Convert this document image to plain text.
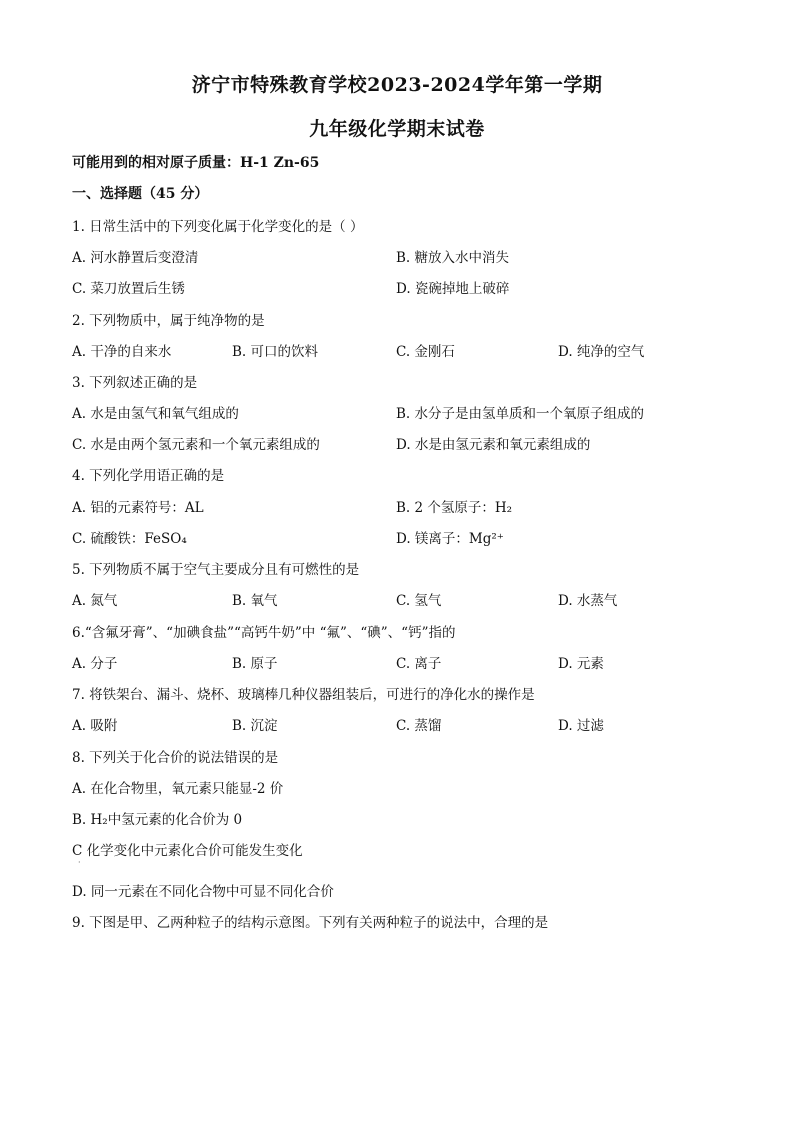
济宁市特殊教育学校2023-2024学年第一学期
九年级化学期末试卷
可能用到的相对原子质量：H-1 Zn-65
一、选择题（45 分）
1. 日常生活中的下列变化属于化学变化的是（ ）
A. 河水静置后变澄清	B. 糖放入水中消失
C. 菜刀放置后生锈	D. 瓷碗掉地上破碎
2. 下列物质中，属于纯净物的是
A. 干净的自来水	B. 可口的饮料	C. 金刚石	D. 纯净的空气
3. 下列叙述正确的是
A. 水是由氢气和氧气组成的	B. 水分子是由氢单质和一个氧原子组成的
C. 水是由两个氢元素和一个氧元素组成的	D. 水是由氢元素和氧元素组成的
4. 下列化学用语正确的是
A. 铝的元素符号：AL	B. 2 个氢原子：H₂
C. 硫酸铁：FeSO₄	D. 镁离子：Mg²⁺
5. 下列物质不属于空气主要成分且有可燃性的是
A. 氮气	B. 氧气	C. 氢气	D. 水蒸气
6.“含氟牙膏”、“加碘食盐”“高钙牛奶”中 “氟”、“碘”、“钙”指的
A. 分子	B. 原子	C. 离子	D. 元素
7. 将铁架台、漏斗、烧杯、玻璃棒几种仪器组装后，可进行的净化水的操作是
A. 吸附	B. 沉淀	C. 蒸馏	D. 过滤
8. 下列关于化合价的说法错误的是
A. 在化合物里，氧元素只能显-2 价
B. H₂中氢元素的化合价为 0
C 化学变化中元素化合价可能发生变化
·
D. 同一元素在不同化合物中可显不同化合价
9. 下图是甲、乙两种粒子的结构示意图。下列有关两种粒子的说法中，合理的是
